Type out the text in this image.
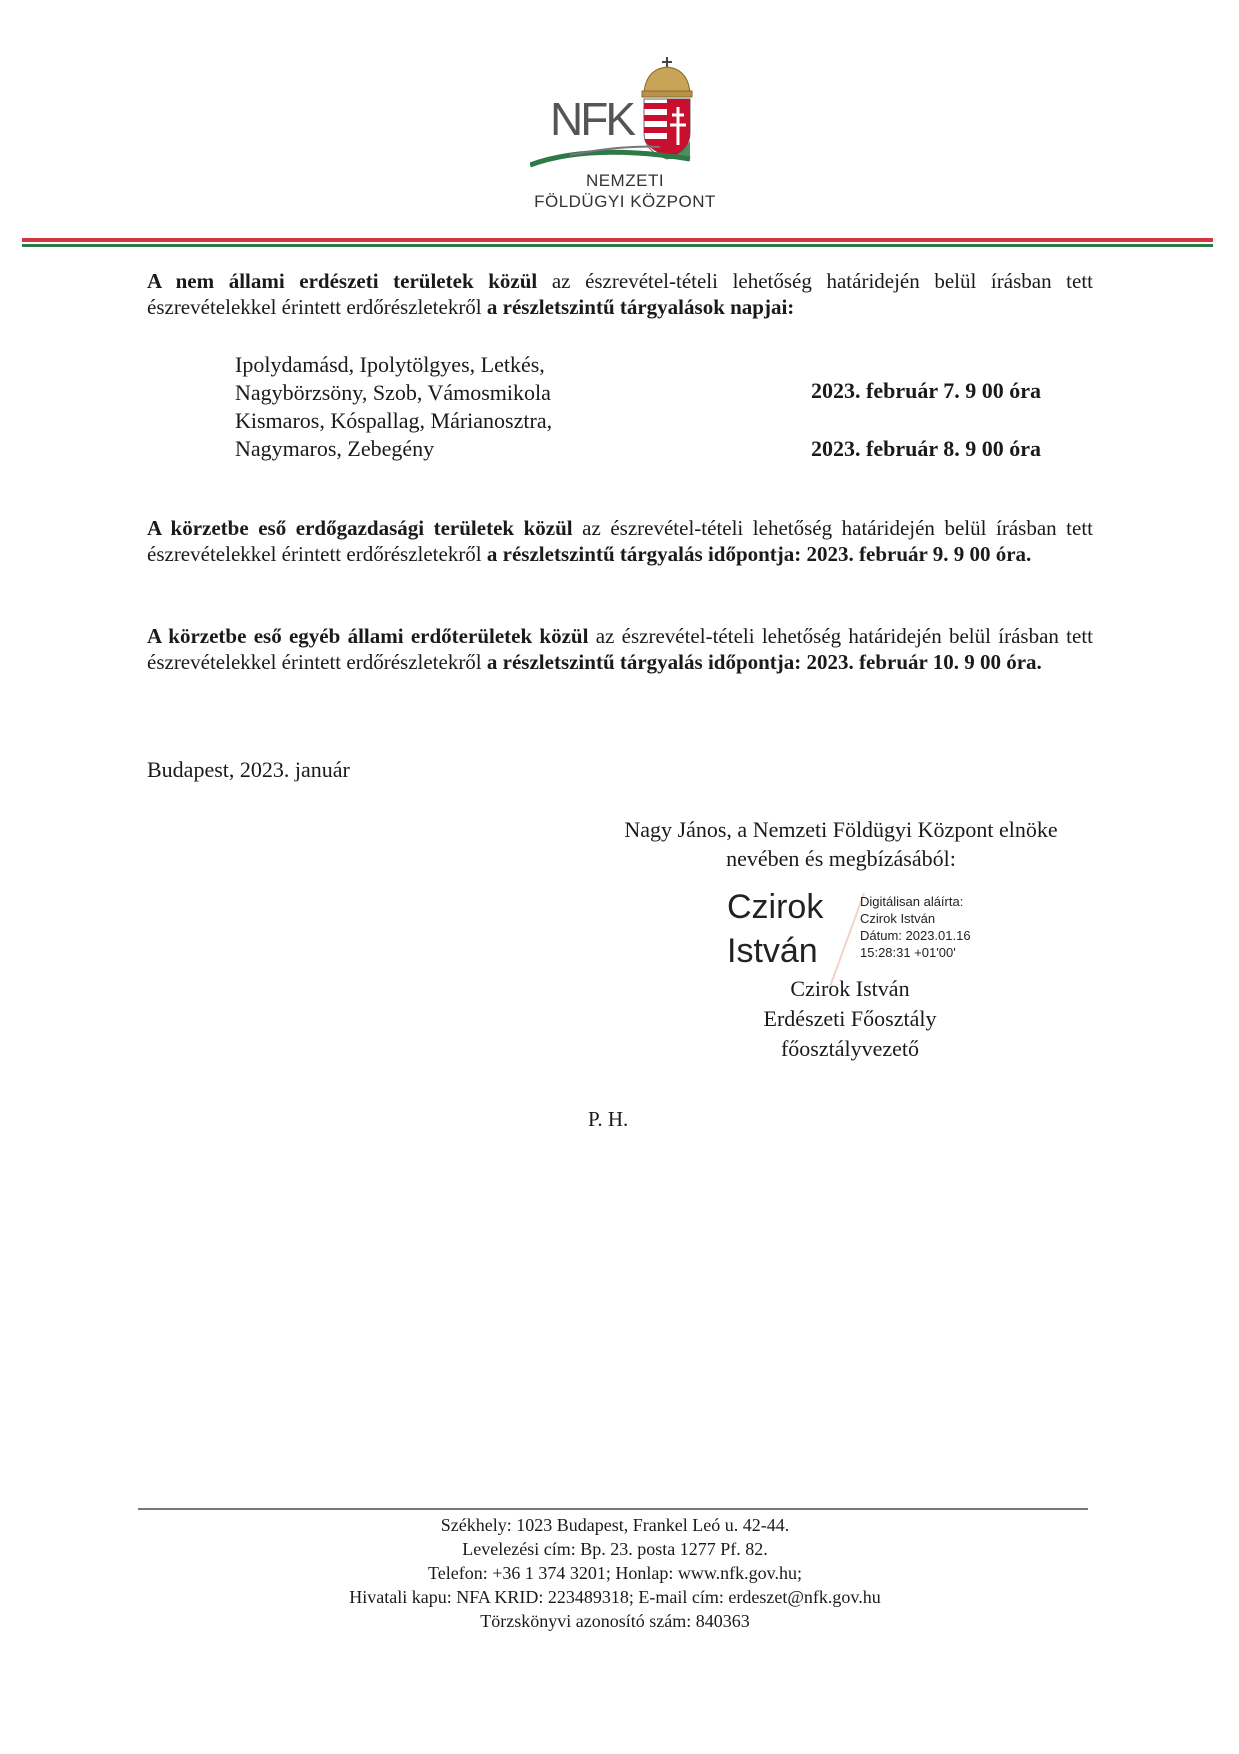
NFK
NEMZETI
FÖLDÜGYI KÖZPONT
A nem állami erdészeti területek közül az észrevétel-tételi lehetőség határidején belül írásban tett észrevételekkel érintett erdőrészletekről a részletszintű tárgyalások napjai:
Ipolydamásd, Ipolytölgyes, Letkés,
Nagybörzsöny, Szob, Vámosmikola
Kismaros, Kóspallag, Márianosztra,
Nagymaros, Zebegény
2023. február 7. 9 00 óra
2023. február 8. 9 00 óra
A körzetbe eső erdőgazdasági területek közül az észrevétel-tételi lehetőség határidején belül írásban tett észrevételekkel érintett erdőrészletekről a részletszintű tárgyalás időpontja: 2023. február 9. 9 00 óra.
A körzetbe eső egyéb állami erdőterületek közül az észrevétel-tételi lehetőség határidején belül írásban tett észrevételekkel érintett erdőrészletekről a részletszintű tárgyalás időpontja: 2023. február 10. 9 00 óra.
Budapest, 2023. január
Nagy János, a Nemzeti Földügyi Központ elnöke
nevében és megbízásából:
Czirok
István
Digitálisan aláírta:
Czirok István
Dátum: 2023.01.16
15:28:31 +01'00'
Czirok István
Erdészeti Főosztály
főosztályvezető
P. H.
Székhely: 1023 Budapest, Frankel Leó u. 42-44.
Levelezési cím: Bp. 23. posta 1277 Pf. 82.
Telefon: +36 1 374 3201; Honlap: www.nfk.gov.hu;
Hivatali kapu: NFA KRID: 223489318; E-mail cím: erdeszet@nfk.gov.hu
Törzskönyvi azonosító szám: 840363
